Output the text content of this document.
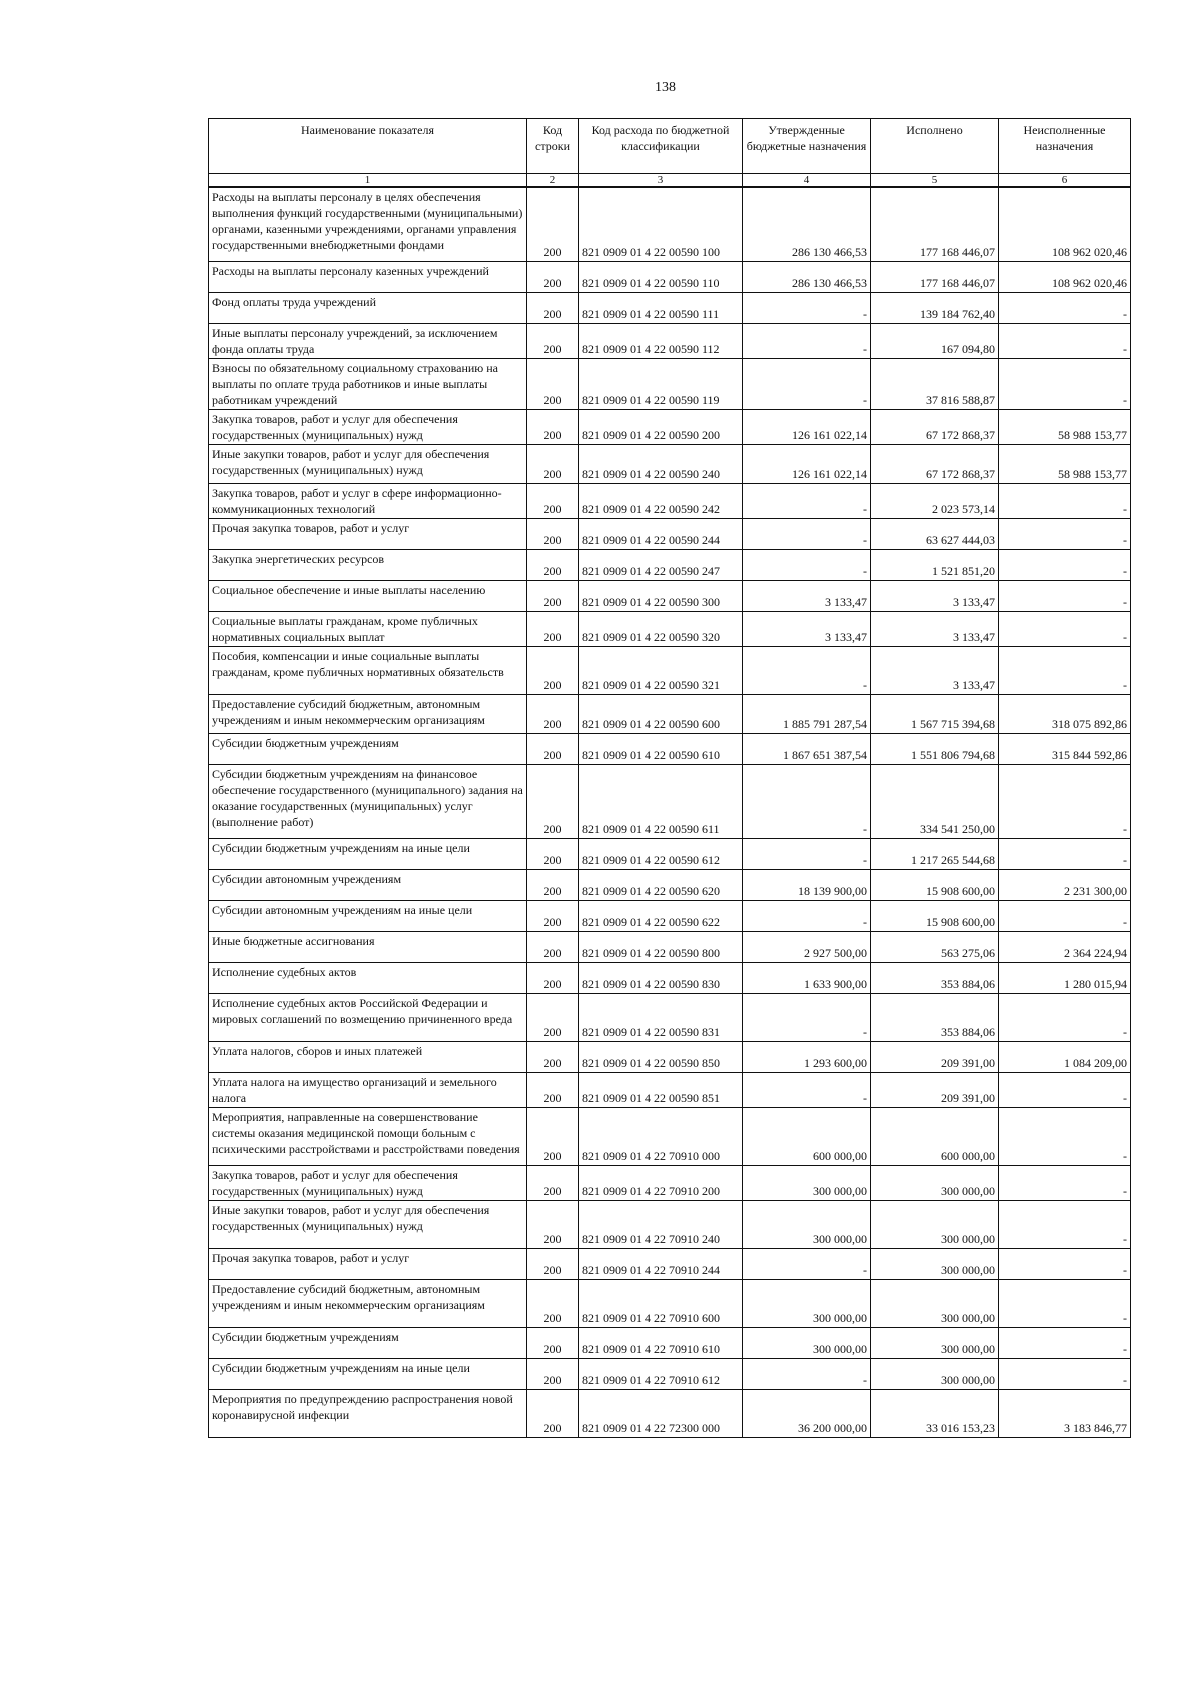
138
Наименование показателя	Код строки	Код расхода по бюджетной классификации	Утвержденные бюджетные назначения	Исполнено	Неисполненные назначения
1	2	3	4	5	6
Расходы на выплаты персоналу в целях обеспечения выполнения функций государственными (муниципальными) органами, казенными учреждениями, органами управления государственными внебюджетными фондами	200	821 0909 01 4 22 00590 100	286 130 466,53	177 168 446,07	108 962 020,46
Расходы на выплаты персоналу казенных учреждений	200	821 0909 01 4 22 00590 110	286 130 466,53	177 168 446,07	108 962 020,46
Фонд оплаты труда учреждений	200	821 0909 01 4 22 00590 111	-	139 184 762,40	-
Иные выплаты персоналу учреждений, за исключением фонда оплаты труда	200	821 0909 01 4 22 00590 112	-	167 094,80	-
Взносы по обязательному социальному страхованию на выплаты по оплате труда работников и иные выплаты работникам учреждений	200	821 0909 01 4 22 00590 119	-	37 816 588,87	-
Закупка товаров, работ и услуг для обеспечения государственных (муниципальных) нужд	200	821 0909 01 4 22 00590 200	126 161 022,14	67 172 868,37	58 988 153,77
Иные закупки товаров, работ и услуг для обеспечения государственных (муниципальных) нужд	200	821 0909 01 4 22 00590 240	126 161 022,14	67 172 868,37	58 988 153,77
Закупка товаров, работ и услуг в сфере информационно-коммуникационных технологий	200	821 0909 01 4 22 00590 242	-	2 023 573,14	-
Прочая закупка товаров, работ и услуг	200	821 0909 01 4 22 00590 244	-	63 627 444,03	-
Закупка энергетических ресурсов	200	821 0909 01 4 22 00590 247	-	1 521 851,20	-
Социальное обеспечение и иные выплаты населению	200	821 0909 01 4 22 00590 300	3 133,47	3 133,47	-
Социальные выплаты гражданам, кроме публичных нормативных социальных выплат	200	821 0909 01 4 22 00590 320	3 133,47	3 133,47	-
Пособия, компенсации и иные социальные выплаты гражданам, кроме публичных нормативных обязательств	200	821 0909 01 4 22 00590 321	-	3 133,47	-
Предоставление субсидий бюджетным, автономным учреждениям и иным некоммерческим организациям	200	821 0909 01 4 22 00590 600	1 885 791 287,54	1 567 715 394,68	318 075 892,86
Субсидии бюджетным учреждениям	200	821 0909 01 4 22 00590 610	1 867 651 387,54	1 551 806 794,68	315 844 592,86
Субсидии бюджетным учреждениям на финансовое обеспечение государственного (муниципального) задания на оказание государственных (муниципальных) услуг (выполнение работ)	200	821 0909 01 4 22 00590 611	-	334 541 250,00	-
Субсидии бюджетным учреждениям на иные цели	200	821 0909 01 4 22 00590 612	-	1 217 265 544,68	-
Субсидии автономным учреждениям	200	821 0909 01 4 22 00590 620	18 139 900,00	15 908 600,00	2 231 300,00
Субсидии автономным учреждениям на иные цели	200	821 0909 01 4 22 00590 622	-	15 908 600,00	-
Иные бюджетные ассигнования	200	821 0909 01 4 22 00590 800	2 927 500,00	563 275,06	2 364 224,94
Исполнение судебных актов	200	821 0909 01 4 22 00590 830	1 633 900,00	353 884,06	1 280 015,94
Исполнение судебных актов Российской Федерации и мировых соглашений по возмещению причиненного вреда	200	821 0909 01 4 22 00590 831	-	353 884,06	-
Уплата налогов, сборов и иных платежей	200	821 0909 01 4 22 00590 850	1 293 600,00	209 391,00	1 084 209,00
Уплата налога на имущество организаций и земельного налога	200	821 0909 01 4 22 00590 851	-	209 391,00	-
Мероприятия, направленные на совершенствование системы оказания медицинской помощи больным с психическими расстройствами и расстройствами поведения	200	821 0909 01 4 22 70910 000	600 000,00	600 000,00	-
Закупка товаров, работ и услуг для обеспечения государственных (муниципальных) нужд	200	821 0909 01 4 22 70910 200	300 000,00	300 000,00	-
Иные закупки товаров, работ и услуг для обеспечения государственных (муниципальных) нужд	200	821 0909 01 4 22 70910 240	300 000,00	300 000,00	-
Прочая закупка товаров, работ и услуг	200	821 0909 01 4 22 70910 244	-	300 000,00	-
Предоставление субсидий бюджетным, автономным учреждениям и иным некоммерческим организациям	200	821 0909 01 4 22 70910 600	300 000,00	300 000,00	-
Субсидии бюджетным учреждениям	200	821 0909 01 4 22 70910 610	300 000,00	300 000,00	-
Субсидии бюджетным учреждениям на иные цели	200	821 0909 01 4 22 70910 612	-	300 000,00	-
Мероприятия по предупреждению распространения новой коронавирусной инфекции	200	821 0909 01 4 22 72300 000	36 200 000,00	33 016 153,23	3 183 846,77
